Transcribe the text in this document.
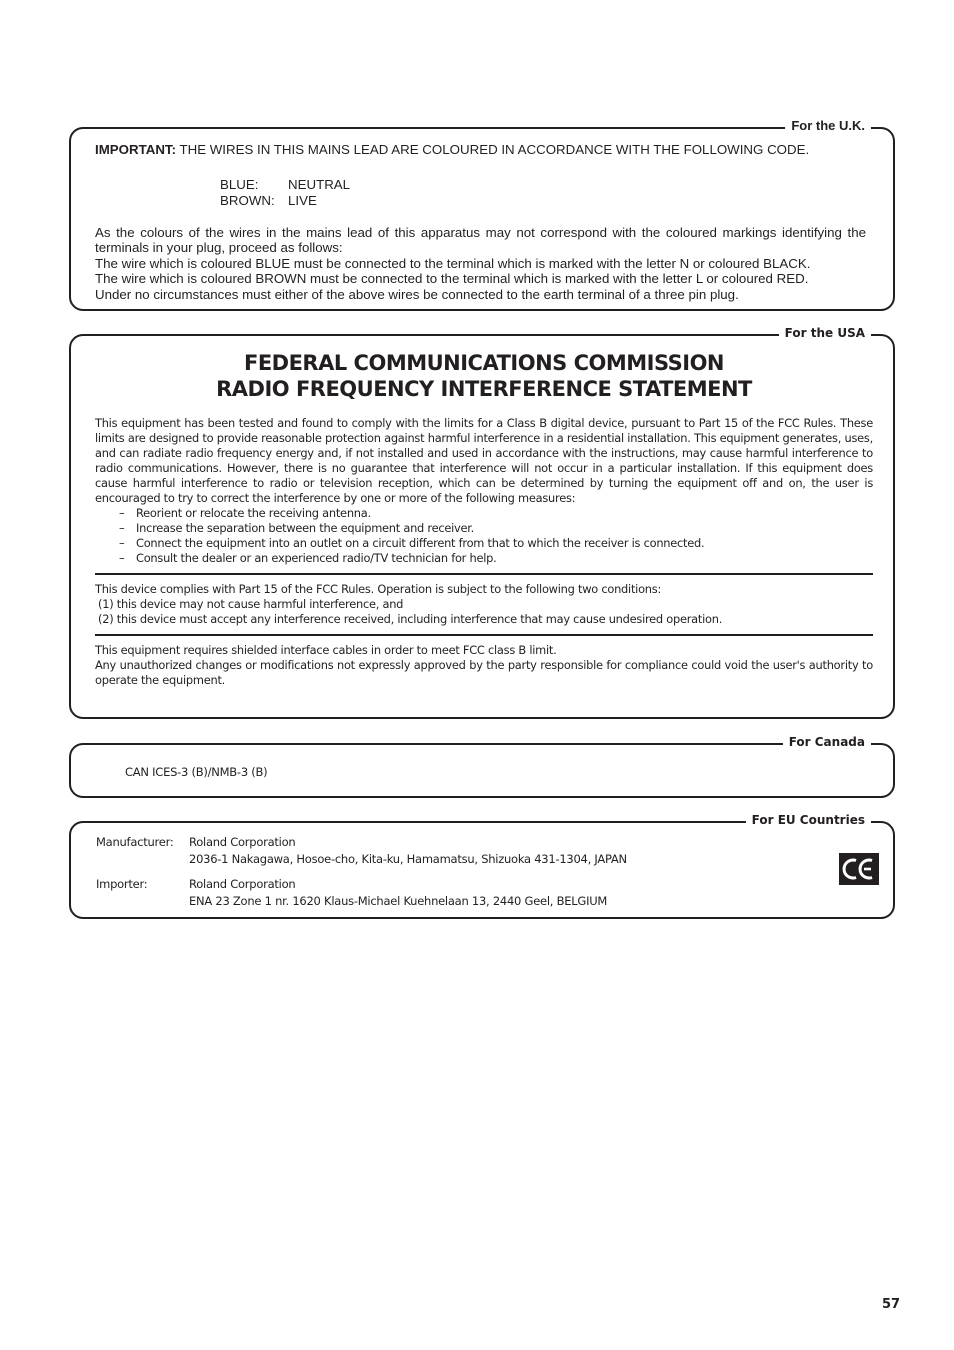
For the U.K.

IMPORTANT: THE WIRES IN THIS MAINS LEAD ARE COLOURED IN ACCORDANCE WITH THE FOLLOWING CODE.

BLUE:	NEUTRAL
BROWN:	LIVE

As the colours of the wires in the mains lead of this apparatus may not correspond with the coloured markings identifying the terminals in your plug, proceed as follows:

The wire which is coloured BLUE must be connected to the terminal which is marked with the letter N or coloured BLACK.

The wire which is coloured BROWN must be connected to the terminal which is marked with the letter L or coloured RED.

Under no circumstances must either of the above wires be connected to the earth terminal of a three pin plug.

For the USA
FEDERAL COMMUNICATIONS COMMISSION
RADIO FREQUENCY INTERFERENCE STATEMENT

This equipment has been tested and found to comply with the limits for a Class B digital device, pursuant to Part 15 of the FCC Rules. These limits are designed to provide reasonable protection against harmful interference in a residential installation. This equipment generates, uses, and can radiate radio frequency energy and, if not installed and used in accordance with the instructions, may cause harmful interference to radio communications. However, there is no guarantee that interference will not occur in a particular installation. If this equipment does cause harmful interference to radio or television reception, which can be determined by turning the equipment off and on, the user is encouraged to try to correct the interference by one or more of the following measures:

– Reorient or relocate the receiving antenna.
– Increase the separation between the equipment and receiver.
– Connect the equipment into an outlet on a circuit different from that to which the receiver is connected.
– Consult the dealer or an experienced radio/TV technician for help.

This device complies with Part 15 of the FCC Rules. Operation is subject to the following two conditions:

(1) this device may not cause harmful interference, and

(2) this device must accept any interference received, including interference that may cause undesired operation.

This equipment requires shielded interface cables in order to meet FCC class B limit.

Any unauthorized changes or modifications not expressly approved by the party responsible for compliance could void the user's authority to operate the equipment.

For Canada
CAN ICES-3 (B)/NMB-3 (B)
For EU Countries
Manufacturer:	Roland Corporation
2036-1 Nakagawa, Hosoe-cho, Kita-ku, Hamamatsu, Shizuoka 431-1304, JAPAN
Importer:	Roland Corporation
ENA 23 Zone 1 nr. 1620 Klaus-Michael Kuehnelaan 13, 2440 Geel, BELGIUM
57
